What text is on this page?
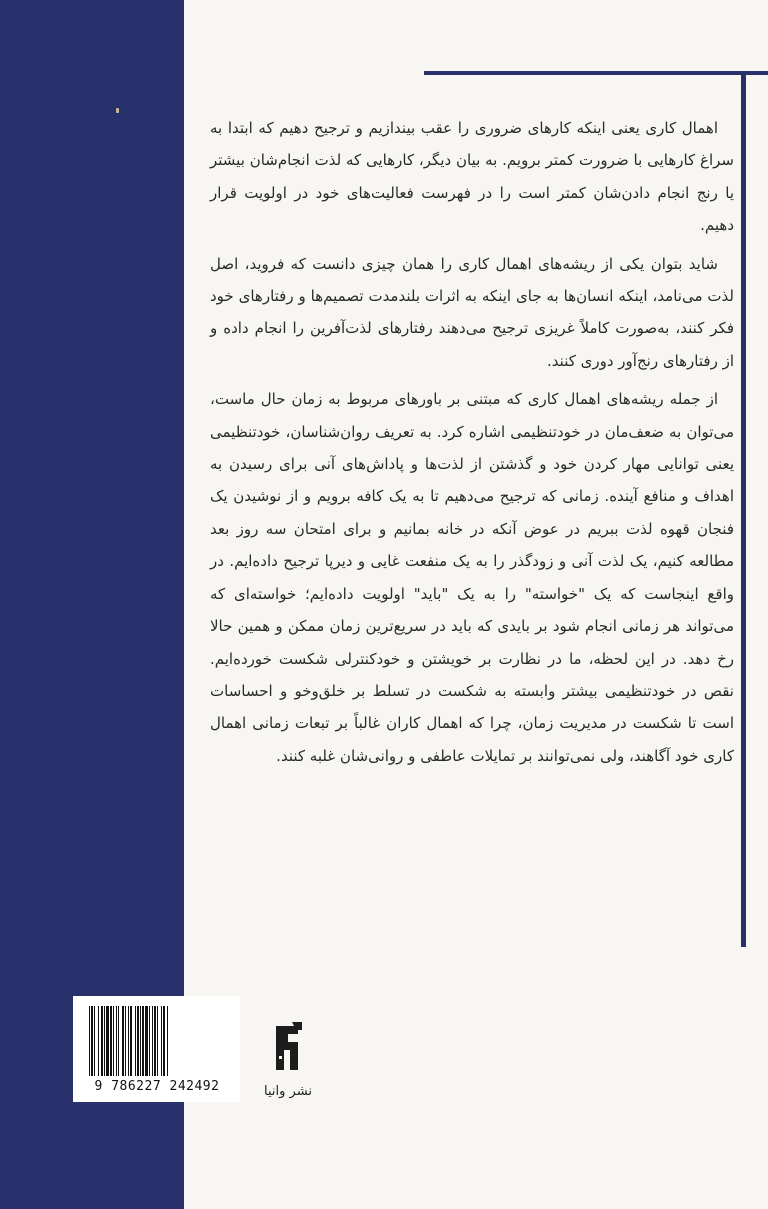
اهمال کاری یعنی اینکه کارهای ضروری را عقب بیندازیم و ترجیح دهیم که ابتدا به سراغ کارهایی با ضرورت کمتر برویم. به بیان دیگر، کارهایی که لذت انجام‌شان بیشتر یا رنج انجام دادن‌شان کمتر است را در فهرست فعالیت‌های خود در اولویت قرار دهیم.

شاید بتوان یکی از ریشه‌های اهمال کاری را همان چیزی دانست که فروید، اصل لذت می‌نامد، اینکه انسان‌ها به جای اینکه به اثرات بلندمدت تصمیم‌ها و رفتارهای خود فکر کنند، به‌صورت کاملاً غریزی ترجیح می‌دهند رفتارهای لذت‌آفرین را انجام داده و از رفتارهای رنج‌آور دوری کنند.

از جمله ریشه‌های اهمال کاری که مبتنی بر باورهای مربوط به زمان حال ماست، می‌توان به ضعف‌مان در خودتنظیمی اشاره کرد. به تعریف روان‌شناسان، خودتنظیمی یعنی توانایی مهار کردن خود و گذشتن از لذت‌ها و پاداش‌های آنی برای رسیدن به اهداف و منافع آینده. زمانی که ترجیح می‌دهیم تا به یک کافه برویم و از نوشیدن یک فنجان قهوه لذت ببریم در عوض آنکه در خانه بمانیم و برای امتحان سه روز بعد مطالعه کنیم، یک لذت آنی و زودگذر را به یک منفعت غایی و دیرپا ترجیح داده‌ایم. در واقع اینجاست که یک "خواسته" را به یک "باید" اولویت داده‌ایم؛ خواسته‌ای که می‌تواند هر زمانی انجام شود بر بایدی که باید در سریع‌ترین زمان ممکن و همین حالا رخ دهد. در این لحظه، ما در نظارت بر خویشتن و خودکنترلی شکست خورده‌ایم. نقص در خودتنظیمی بیشتر وابسته به شکست در تسلط بر خلق‌وخو و احساسات است تا شکست در مدیریت زمان، چرا که اهمال کاران غالباً بر تبعات زمانی اهمال کاری خود آگاهند، ولی نمی‌توانند بر تمایلات عاطفی و روانی‌شان غلبه کنند.

9 786227 242492	نشر وانیا
